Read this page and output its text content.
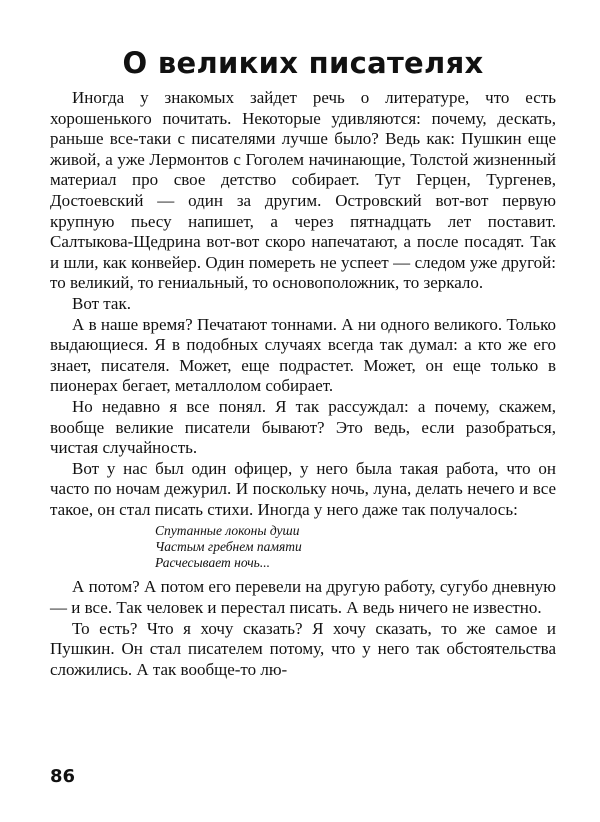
О великих писателях

Иногда у знакомых зайдет речь о литературе, что есть хорошенького почитать. Некоторые удивляются: почему, дескать, раньше все-таки с писателями лучше было? Ведь как: Пушкин еще живой, а уже Лермонтов с Гоголем начинающие, Толстой жизненный материал про свое детство собирает. Тут Герцен, Тургенев, Достоевский — один за другим. Островский вот-вот первую крупную пьесу напишет, а через пятнадцать лет поставит. Салтыкова-Щедрина вот-вот скоро напечатают, а после посадят. Так и шли, как конвейер. Один помереть не успеет — следом уже другой: то великий, то гениальный, то основоположник, то зеркало.

Вот так.

А в наше время? Печатают тоннами. А ни одного великого. Только выдающиеся. Я в подобных случаях всегда так думал: а кто же его знает, писателя. Может, еще подрастет. Может, он еще только в пионерах бегает, металлолом собирает.

Но недавно я все понял. Я так рассуждал: а почему, скажем, вообще великие писатели бывают? Это ведь, если разобраться, чистая случайность.

Вот у нас был один офицер, у него была такая работа, что он часто по ночам дежурил. И поскольку ночь, луна, делать нечего и все такое, он стал писать стихи. Иногда у него даже так получалось:

Спутанные локоны души
Частым гребнем памяти
Расчесывает ночь...

А потом? А потом его перевели на другую работу, сугубо дневную — и все. Так человек и перестал писать. А ведь ничего не известно.

То есть? Что я хочу сказать? Я хочу сказать, то же самое и Пушкин. Он стал писателем потому, что у него так обстоятельства сложились. А так вообще-то лю-

86
